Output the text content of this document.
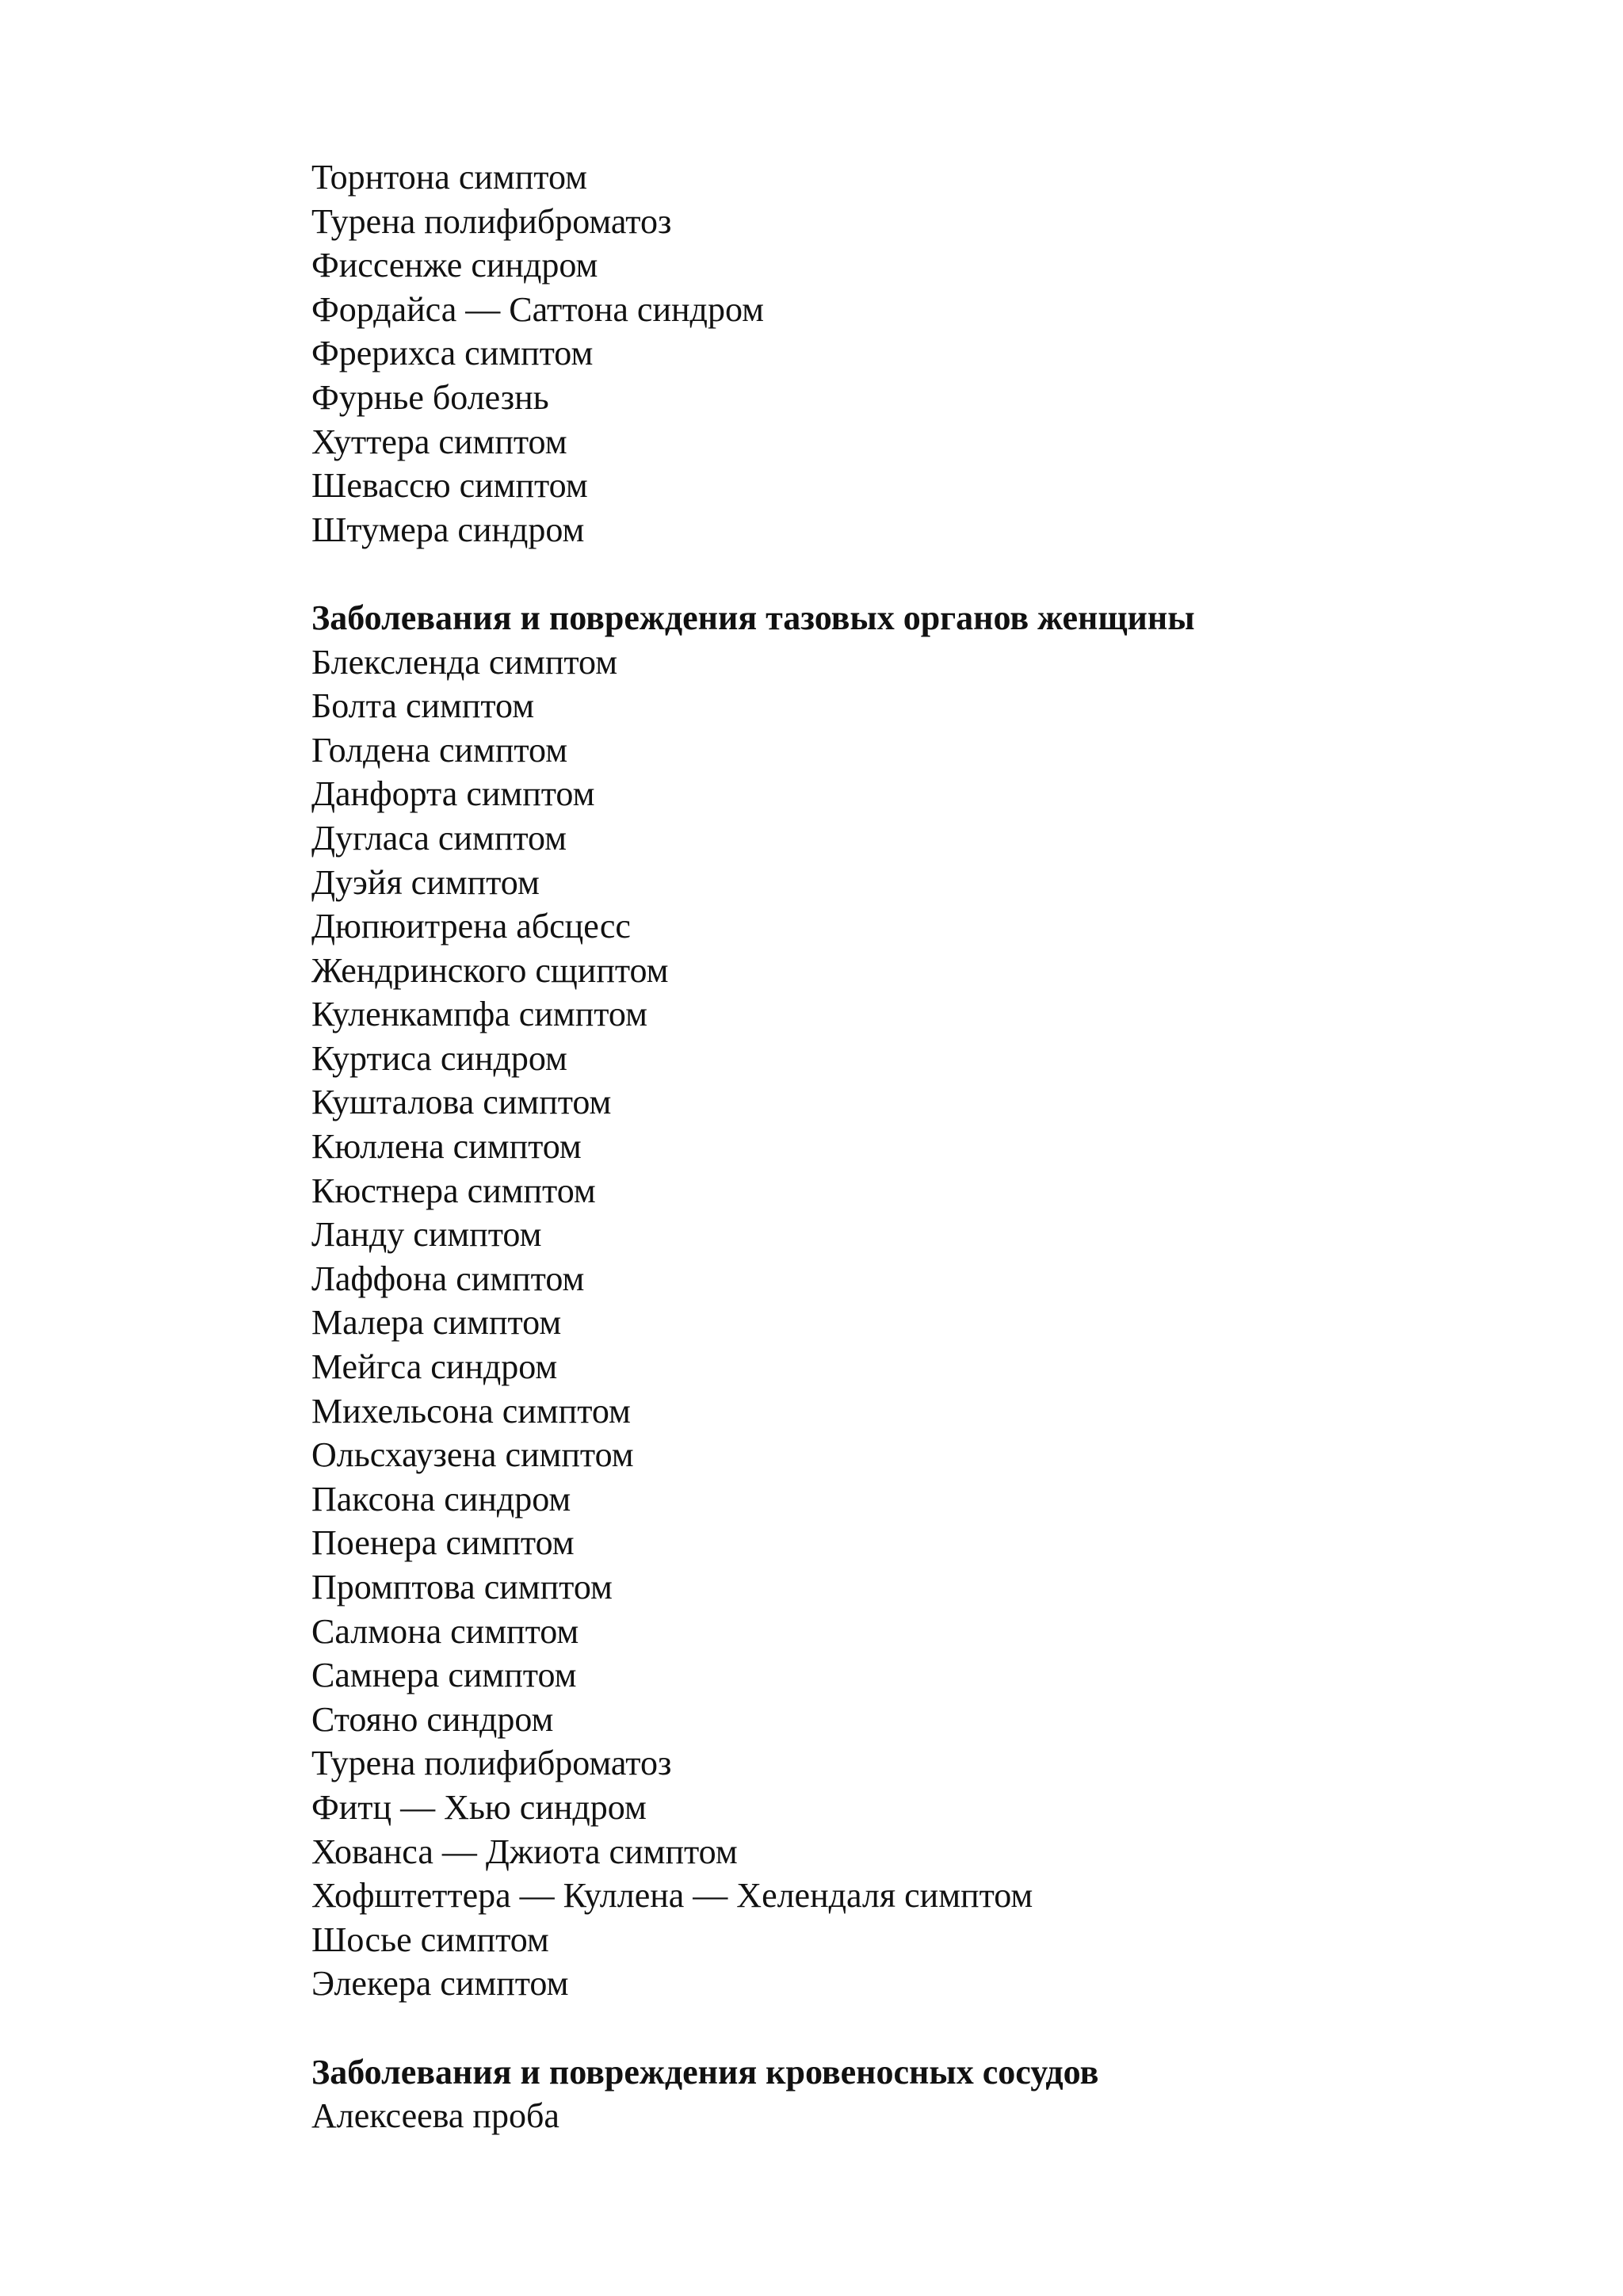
Торнтона симптом
Турена полифиброматоз
Фиссенже синдром
Фордайса — Саттона синдром
Фрерихса симптом
Фурнье болезнь
Хуттера симптом
Шевассю симптом
Штумера синдром
Заболевания и повреждения тазовых органов женщины
Блексленда симптом
Болта симптом
Голдена симптом
Данфорта симптом
Дугласа симптом
Дуэйя симптом
Дюпюитрена абсцесс
Жендринского сщиптом
Куленкампфа симптом
Куртиса синдром
Кушталова симптом
Кюллена симптом
Кюстнера симптом
Ланду симптом
Лаффона симптом
Малера симптом
Мейгса синдром
Михельсона симптом
Ольсхаузена симптом
Паксона синдром
Поенера симптом
Промптова симптом
Салмона симптом
Самнера симптом
Стояно синдром
Турена полифиброматоз
Фитц — Хью синдром
Хованса — Джиота симптом
Хофштеттера — Куллена — Хелендаля симптом
Шосье симптом
Элекера симптом
Заболевания и повреждения кровеносных сосудов
Алексеева проба
